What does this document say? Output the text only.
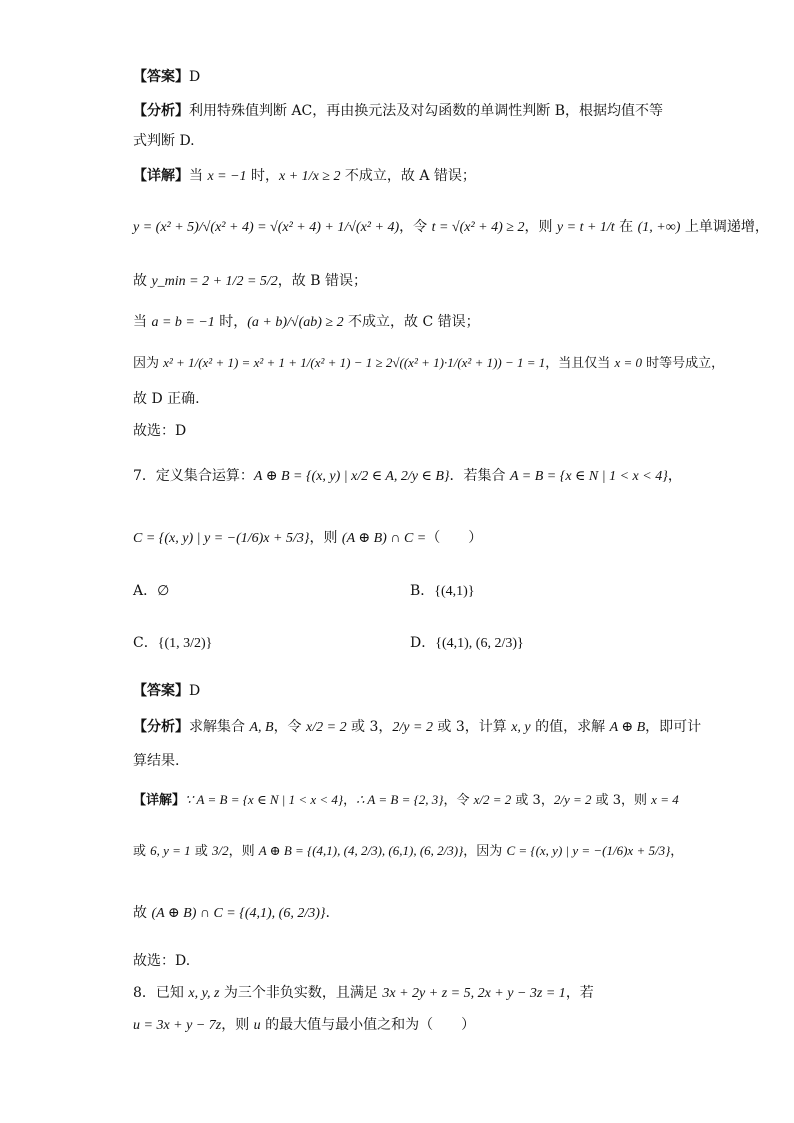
【答案】D
【分析】利用特殊值判断 AC，再由换元法及对勾函数的单调性判断 B，根据均值不等
式判断 D.
【详解】当 x = −1 时，x + 1/x ≥ 2 不成立，故 A 错误；
y = (x² + 5)/√(x² + 4) = √(x² + 4) + 1/√(x² + 4)，令 t = √(x² + 4) ≥ 2，则 y = t + 1/t 在 (1, +∞) 上单调递增，
故 y_min = 2 + 1/2 = 5/2，故 B 错误；
当 a = b = −1 时，(a + b)/√(ab) ≥ 2 不成立，故 C 错误；
因为 x² + 1/(x² + 1) = x² + 1 + 1/(x² + 1) − 1 ≥ 2√((x² + 1)·1/(x² + 1)) − 1 = 1，当且仅当 x = 0 时等号成立，
故 D 正确.
故选：D
7．定义集合运算：A ⊕ B = {(x, y) | x/2 ∈ A, 2/y ∈ B}．若集合 A = B = {x ∈ N | 1 < x < 4}，
C = {(x, y) | y = −(1/6)x + 5/3}，则 (A ⊕ B) ∩ C =（　　）
A．∅	B．{(4,1)}
C．{(1, 3/2)}	D．{(4,1), (6, 2/3)}
【答案】D
【分析】求解集合 A, B，令 x/2 = 2 或 3，2/y = 2 或 3，计算 x, y 的值，求解 A ⊕ B，即可计
算结果.
【详解】∵ A = B = {x ∈ N | 1 < x < 4}，∴ A = B = {2, 3}，令 x/2 = 2 或 3，2/y = 2 或 3，则 x = 4
或 6, y = 1 或 3/2，则 A ⊕ B = {(4,1), (4, 2/3), (6,1), (6, 2/3)}，因为 C = {(x, y) | y = −(1/6)x + 5/3}，
故 (A ⊕ B) ∩ C = {(4,1), (6, 2/3)}.
故选：D.
8．已知 x, y, z 为三个非负实数，且满足 3x + 2y + z = 5, 2x + y − 3z = 1，若
u = 3x + y − 7z，则 u 的最大值与最小值之和为（　　）
